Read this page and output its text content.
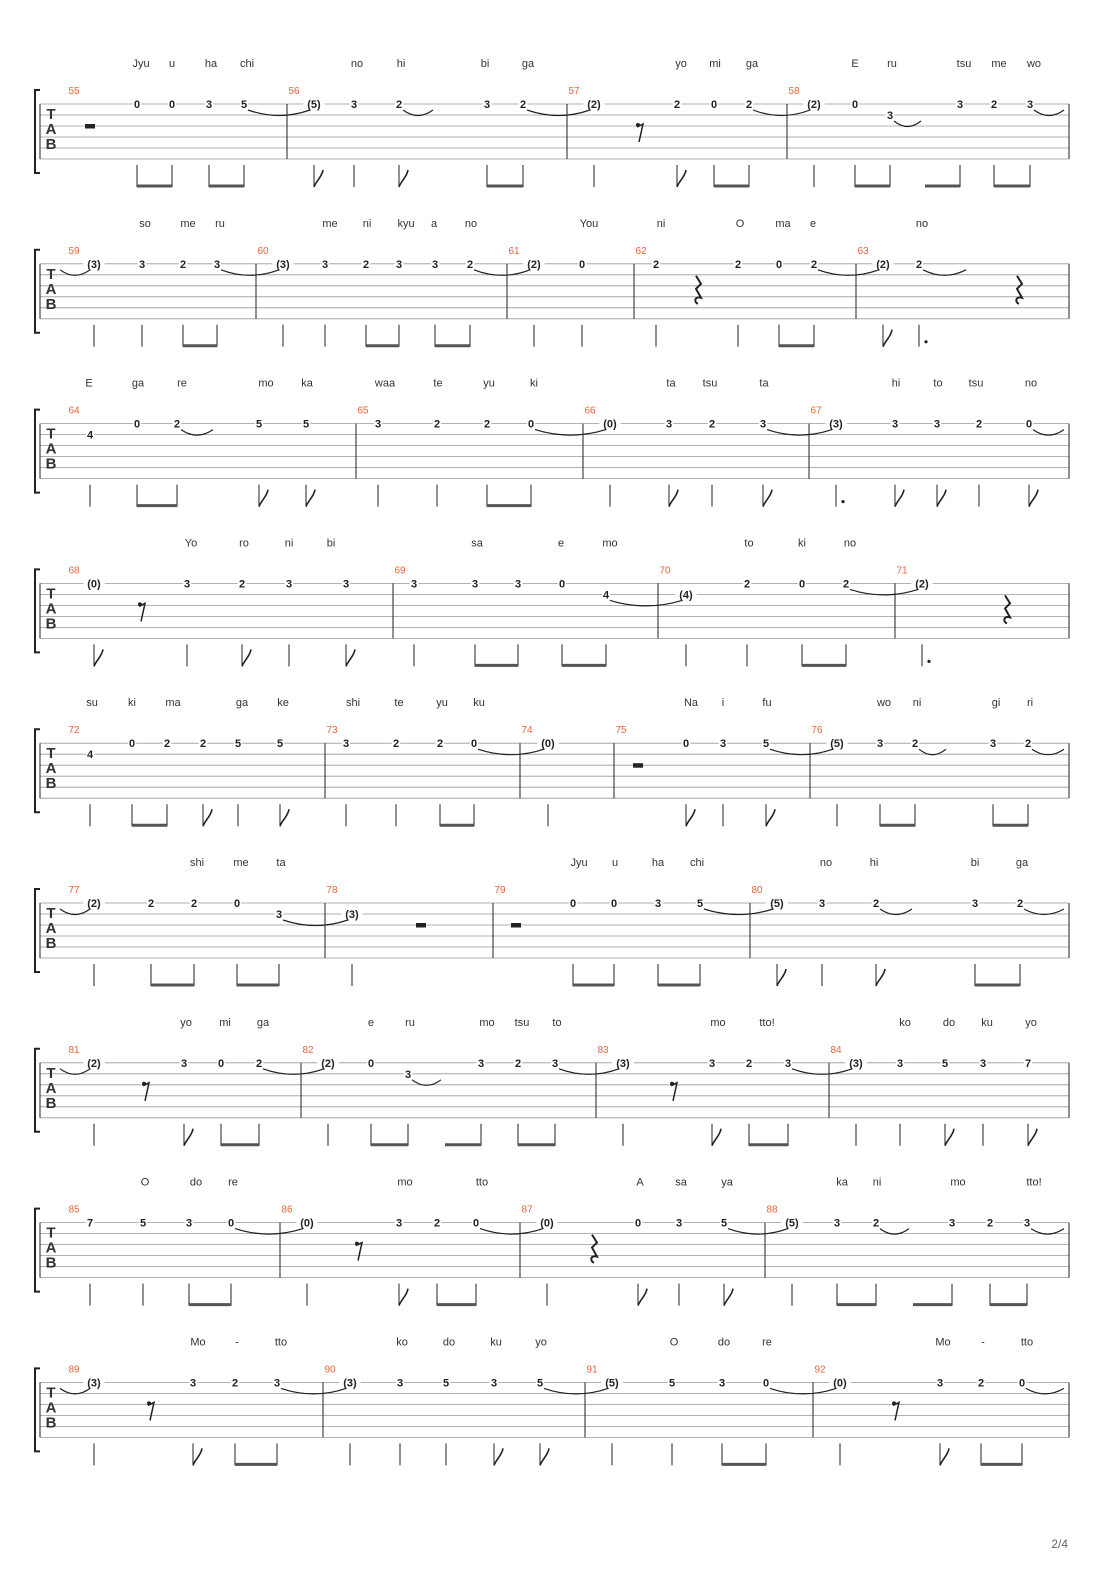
T
A
B
Jyu u	ha chi	no	hi	bi	ga	yo mi ga	E	ru	tsu me wo
55	56	57	58
0	0	3	5	(5)	3	2	3	2	(2)	2	0	2	(2)	0
3
3	2	3
T
A
B
so	me ru	me ni kyu a	no	You	ni	O	ma e	no
59	60	61	62	63
(3)	3	2	3	(3)	3	2 3	3	2	(2)	0	2	2	0	2	(2) 2
T
A
B
E	ga	re	mo	ka	waa	te	yu	ki	ta tsu	ta	hi	to tsu	no
64	65	66	67
4
0	2	5	5	3	2	2	0	(0)	3	2	3	(3)	3	3	2	0
T
A
B
Yo	ro	ni	bi	sa	e	mo	to	ki	no
68	69	70	71
(0)	3	2	3	3	3	3	3	0
4	(4)
2	0	2	(2)
T
A
B
su	ki	ma	ga	ke	shi	te	yu ku	Na i	fu	wo ni	gi ri
72	73	74	75	76
4
0	2	2	5	5	3	2	2	0	(0)	0	3	5	(5)	3	2	3	2
T
A
B
shi	me	ta	Jyu u	ha chi	no	hi	bi	ga
77	78	79	80
(2)	2	2	0
3	(3)
0	0	3	5	(5)	3	2	3	2
T
A
B
yo mi ga	e	ru	mo tsu to	mo	tto!	ko	do ku	yo
81	82	83	84
(2)	3	0	2	(2)	0
3
3	2	3	(3)	3	2	3	(3)	3	5	3	7
T
A
B
O	do re	mo	tto	A	sa	ya	ka ni	mo	tto!
85	86	87	88
7	5	3	0	(0)	3	2	0	(0)	0	3	5	(5)	3	2	3	2	3
T
A
B
Mo	-	tto	ko	do	ku	yo	O	do	re	Mo	-	tto
89	90	91	92
(3)	3	2	3	(3)	3	5	3	5	(5)	5	3	0	(0)	3	2	0
2/4
